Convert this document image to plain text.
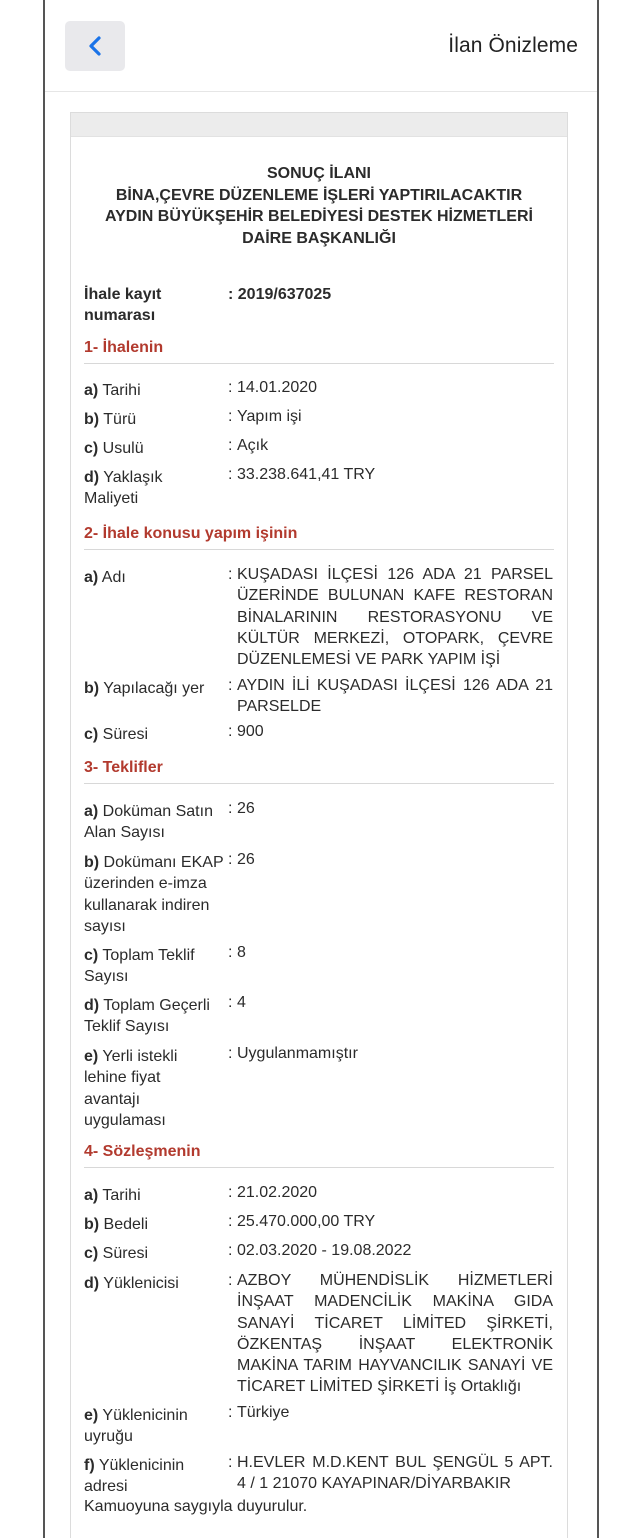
İlan Önizleme
SONUÇ İLANI
BİNA,ÇEVRE DÜZENLEME İŞLERİ YAPTIRILACAKTIR
AYDIN BÜYÜKŞEHİR BELEDİYESİ DESTEK HİZMETLERİ
DAİRE BAŞKANLIĞI
İhale kayıt
numarası
: 2019/637025
1- İhalenin
a) Tarihi	: 14.01.2020
b) Türü	: Yapım işi
c) Usulü	: Açık
d) Yaklaşık Maliyeti
: 33.238.641,41 TRY
2- İhale konusu yapım işinin
a) Adı	: KUŞADASI İLÇESİ 126 ADA 21 PARSEL ÜZERİNDE BULUNAN KAFE RESTORAN BİNALARININ RESTORASYONU VE KÜLTÜR MERKEZİ, OTOPARK, ÇEVRE DÜZENLEMESİ VE PARK YAPIM İŞİ
b) Yapılacağı yer	: AYDIN İLİ KUŞADASI İLÇESİ 126 ADA 21 PARSELDE
c) Süresi	: 900
3- Teklifler
a) Doküman Satın Alan Sayısı
: 26
b) Dokümanı EKAP üzerinden e-imza kullanarak indiren sayısı
: 26
c) Toplam Teklif Sayısı
: 8
d) Toplam Geçerli Teklif Sayısı
: 4
e) Yerli istekli lehine fiyat avantajı uygulaması
: Uygulanmamıştır
4- Sözleşmenin
a) Tarihi	: 21.02.2020
b) Bedeli	: 25.470.000,00 TRY
c) Süresi	: 02.03.2020 - 19.08.2022
d) Yüklenicisi	: AZBOY MÜHENDİSLİK HİZMETLERİ İNŞAAT MADENCİLİK MAKİNA GIDA SANAYİ TİCARET LİMİTED ŞİRKETİ, ÖZKENTAŞ İNŞAAT ELEKTRONİK MAKİNA TARIM HAYVANCILIK SANAYİ VE TİCARET LİMİTED ŞİRKETİ İş Ortaklığı
e) Yüklenicinin uyruğu
: Türkiye
f) Yüklenicinin adresi
: H.EVLER M.D.KENT BUL ŞENGÜL 5 APT. 4 / 1 21070 KAYAPINAR/DİYARBAKIR
Kamuoyuna saygıyla duyurulur.
